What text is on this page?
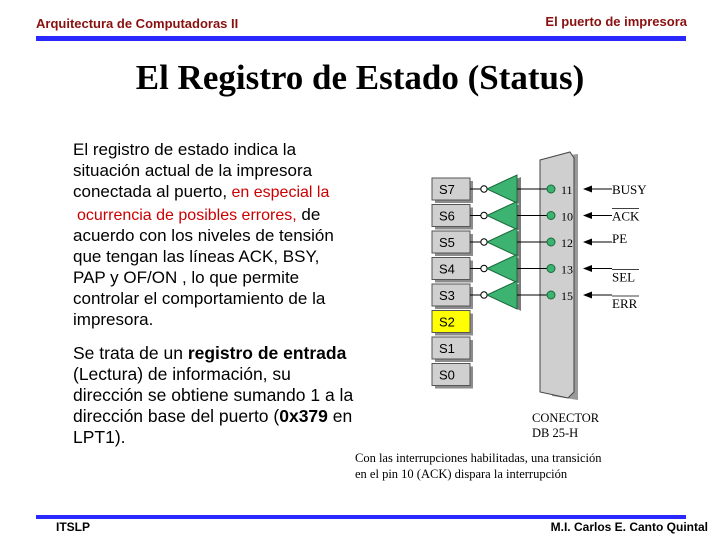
Arquitectura de Computadoras II	El puerto de impresora
El Registro de Estado (Status)
El registro de estado indica la
situación actual de la impresora
conectada al puerto, en especial la
ocurrencia de posibles errores, de
acuerdo con los niveles de tensión
que tengan las líneas ACK, BSY,
PAP y OF/ON , lo que permite
controlar el comportamiento de la
impresora.
Se trata de un registro de entrada
(Lectura) de información, su
dirección se obtiene sumando 1 a la
dirección base del puerto (0x379 en
LPT1).
S7
S6
S5
S4
S3
S2
S1
S0
11	BUSY
10	ACK
12	PE
13	SEL
15	ERR
CONECTOR
DB 25-H
Con las interrupciones habilitadas, una transición
en el pin 10 (ACK) dispara la interrupción
ITSLP	M.I. Carlos E. Canto Quintal
